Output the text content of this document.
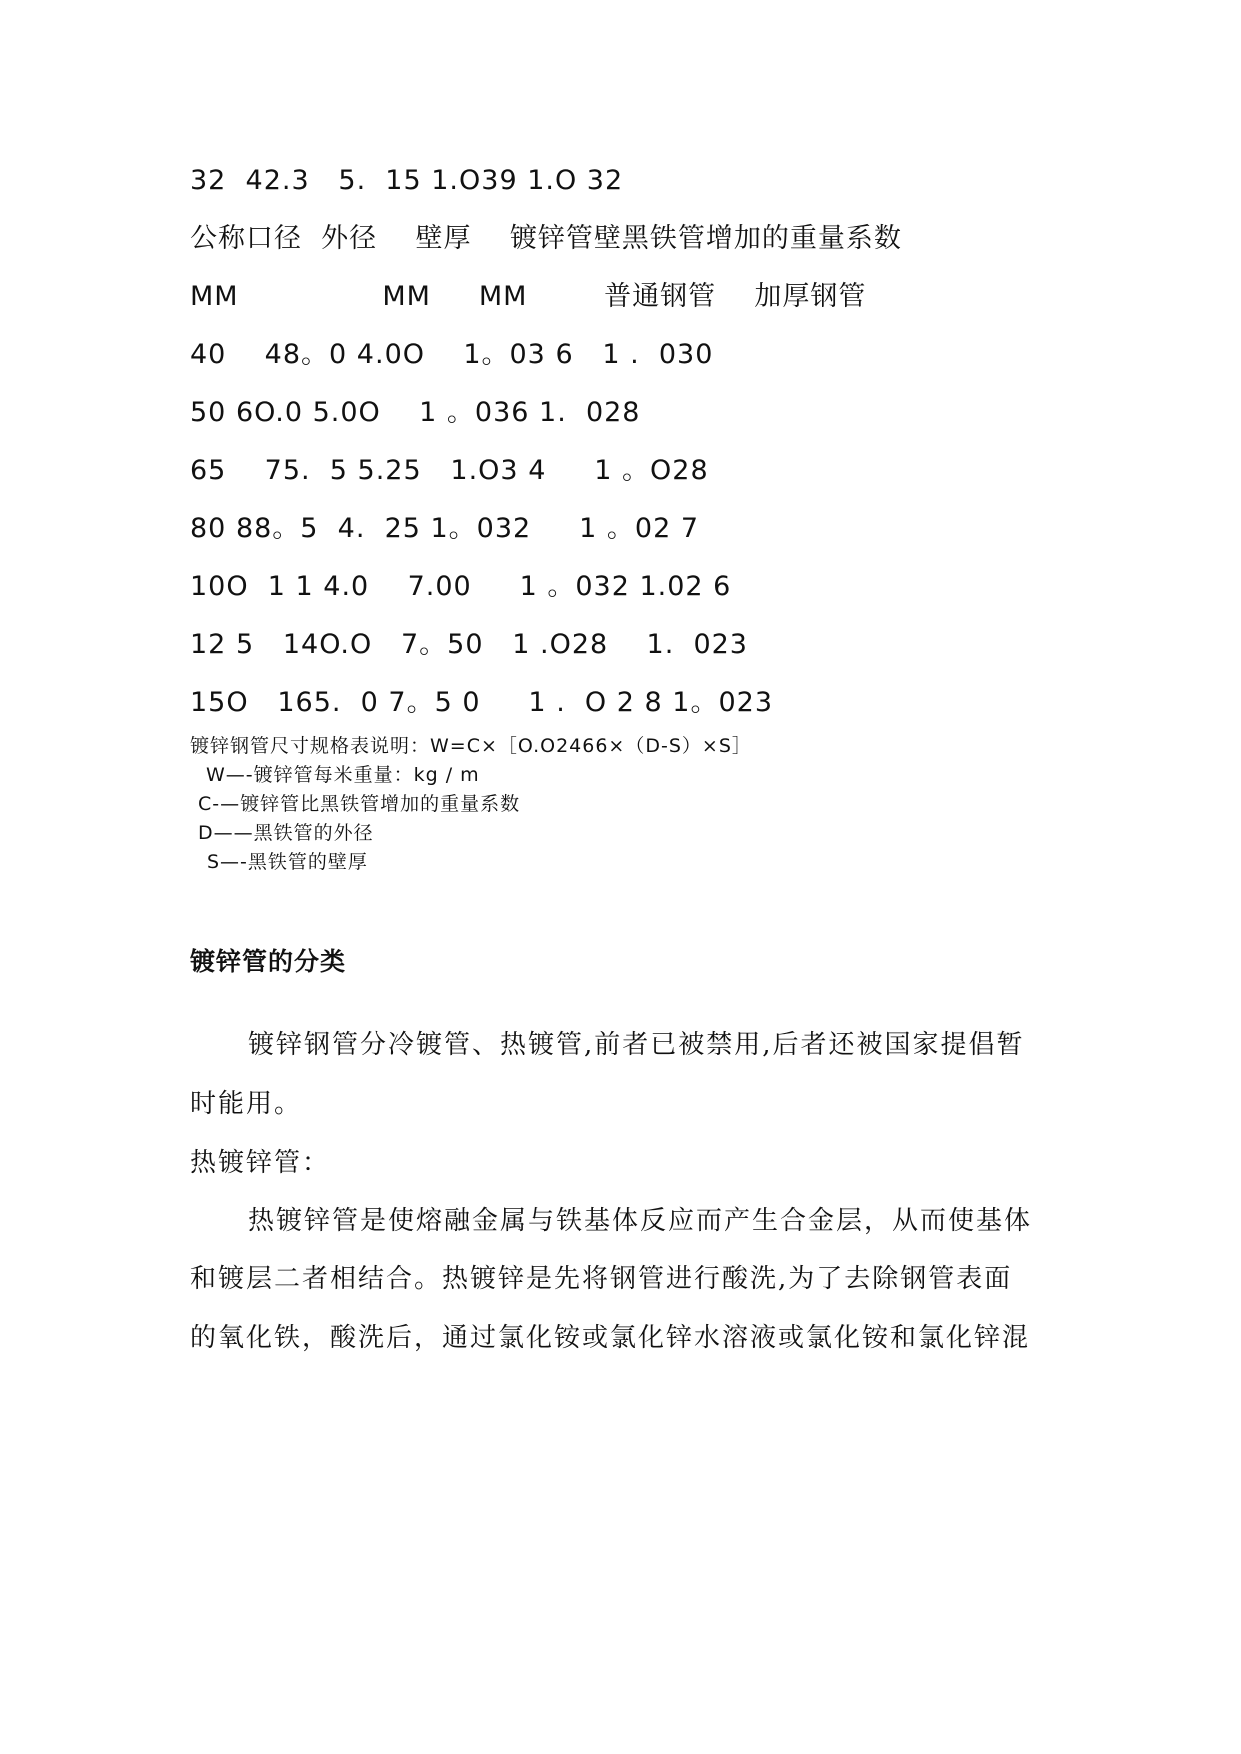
32  42.3   5.  15 1.O39 1.O 32
公称口径  外径    壁厚    镀锌管壁黑铁管增加的重量系数
MM               MM     MM        普通钢管    加厚钢管
40    48。0 4.0O    1。03 6   1 .  030
50 6O.0 5.0O    1 。036 1.  028
65    75.  5 5.25   1.O3 4     1 。O28
80 88。5  4.  25 1。032     1 。02 7
10O  1 1 4.0    7.00     1 。032 1.02 6
12 5   14O.O   7。50   1 .O28    1.  023
15O   165.  0 7。5 0     1 .  O 2 8 1。023
镀锌钢管尺寸规格表说明：W=C×［O.O2466×（D-S）×S］
W—-镀锌管每米重量：kg / m
C-—镀锌管比黑铁管增加的重量系数
D——黑铁管的外径
S—-黑铁管的壁厚
镀锌管的分类
镀锌钢管分冷镀管、热镀管,前者已被禁用,后者还被国家提倡暂
时能用。
热镀锌管：
热镀锌管是使熔融金属与铁基体反应而产生合金层，从而使基体
和镀层二者相结合。热镀锌是先将钢管进行酸洗,为了去除钢管表面
的氧化铁，酸洗后，通过氯化铵或氯化锌水溶液或氯化铵和氯化锌混
